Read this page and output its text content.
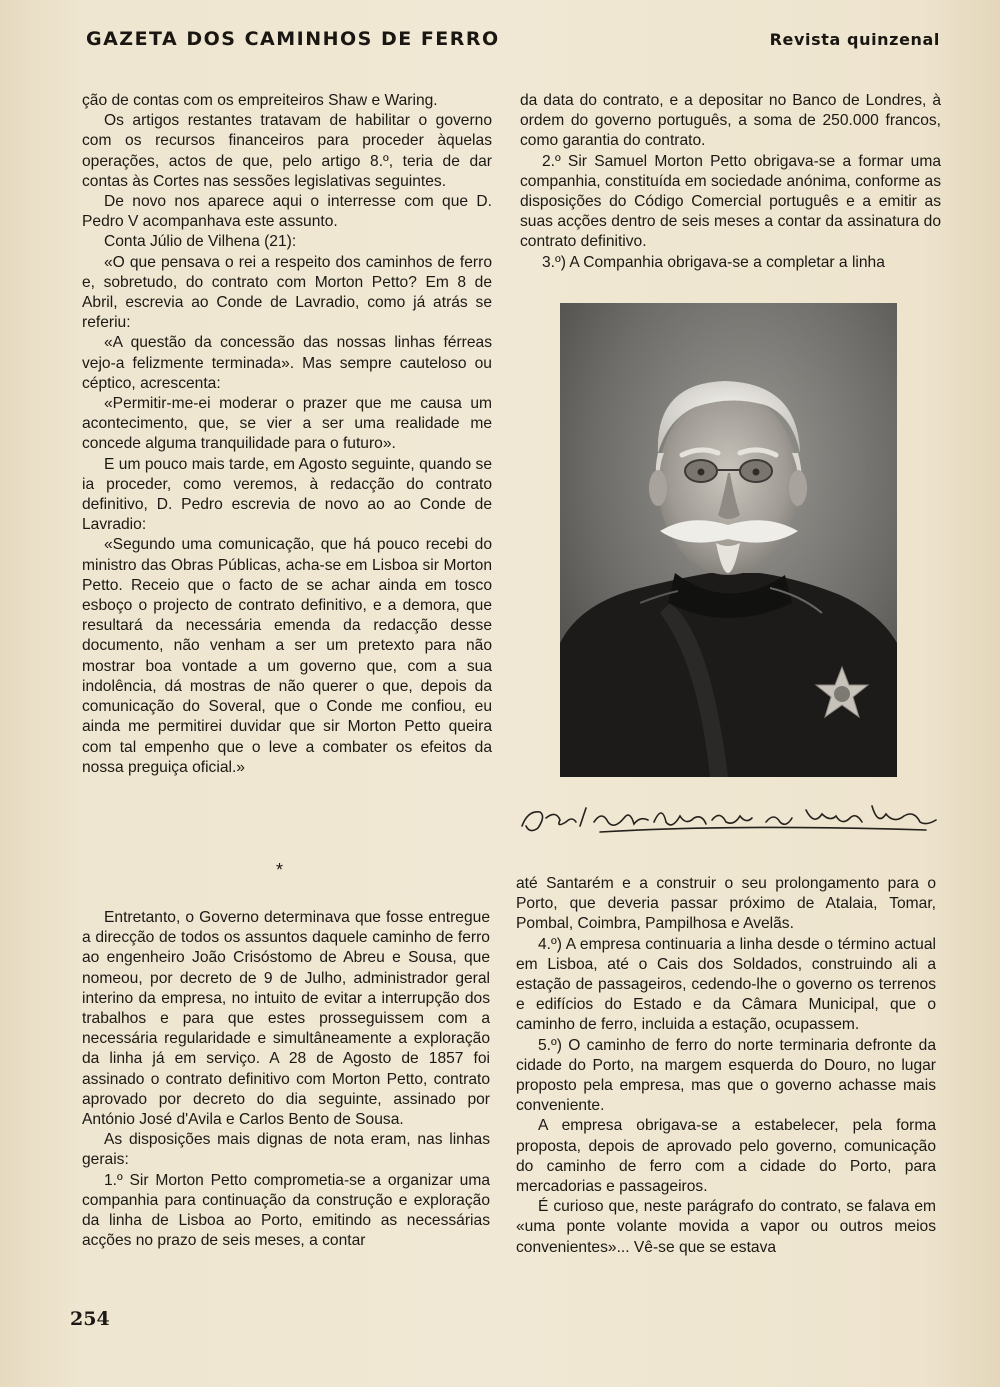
GAZETA DOS CAMINHOS DE FERRO	Revista quinzenal

ção de contas com os empreiteiros Shaw e Waring.

Os artigos restantes tratavam de habilitar o governo com os recursos financeiros para proceder àquelas operações, actos de que, pelo artigo 8.º, teria de dar contas às Cortes nas sessões legislativas seguintes.

De novo nos aparece aqui o interresse com que D. Pedro V acompanhava este assunto.

Conta Júlio de Vilhena (21):

«O que pensava o rei a respeito dos caminhos de ferro e, sobretudo, do contrato com Morton Petto? Em 8 de Abril, escrevia ao Conde de Lavradio, como já atrás se referiu:

«A questão da concessão das nossas linhas férreas vejo-a felizmente terminada». Mas sempre cauteloso ou céptico, acrescenta:

«Permitir-me-ei moderar o prazer que me causa um acontecimento, que, se vier a ser uma realidade me concede alguma tranquilidade para o futuro».

E um pouco mais tarde, em Agosto seguinte, quando se ia proceder, como veremos, à redacção do contrato definitivo, D. Pedro escrevia de novo ao ao Conde de Lavradio:

«Segundo uma comunicação, que há pouco recebi do ministro das Obras Públicas, acha-se em Lisboa sir Morton Petto. Receio que o facto de se achar ainda em tosco esboço o projecto de contrato definitivo, e a demora, que resultará da necessária emenda da redacção desse documento, não venham a ser um pretexto para não mostrar boa vontade a um governo que, com a sua indolência, dá mostras de não querer o que, depois da comunicação do Soveral, que o Conde me confiou, eu ainda me permitirei duvidar que sir Morton Petto queira com tal empenho que o leve a combater os efeitos da nossa preguiça oficial.»

*

Entretanto, o Governo determinava que fosse entregue a direcção de todos os assuntos daquele caminho de ferro ao engenheiro João Crisóstomo de Abreu e Sousa, que nomeou, por decreto de 9 de Julho, administrador geral interino da empresa, no intuito de evitar a interrupção dos trabalhos e para que estes prosseguissem com a necessária regularidade e simultâneamente a exploração da linha já em serviço. A 28 de Agosto de 1857 foi assinado o contrato definitivo com Morton Petto, contrato aprovado por decreto do dia seguinte, assinado por António José d'Avila e Carlos Bento de Sousa.

As disposições mais dignas de nota eram, nas linhas gerais:

1.º Sir Morton Petto comprometia-se a organizar uma companhia para continuação da construção e exploração da linha de Lisboa ao Porto, emitindo as necessárias acções no prazo de seis meses, a contar

da data do contrato, e a depositar no Banco de Londres, à ordem do governo português, a soma de 250.000 francos, como garantia do contrato.

2.º Sir Samuel Morton Petto obrigava-se a formar uma companhia, constituída em sociedade anónima, conforme as disposições do Código Comercial português e a emitir as suas acções dentro de seis meses a contar da assinatura do contrato definitivo.

3.º) A Companhia obrigava-se a completar a linha

até Santarém e a construir o seu prolongamento para o Porto, que deveria passar próximo de Atalaia, Tomar, Pombal, Coimbra, Pampilhosa e Avelãs.

4.º) A empresa continuaria a linha desde o término actual em Lisboa, até o Cais dos Soldados, construindo ali a estação de passageiros, cedendo-lhe o governo os terrenos e edifícios do Estado e da Câmara Municipal, que o caminho de ferro, incluida a estação, ocupassem.

5.º) O caminho de ferro do norte terminaria defronte da cidade do Porto, na margem esquerda do Douro, no lugar proposto pela empresa, mas que o governo achasse mais conveniente.

A empresa obrigava-se a estabelecer, pela forma proposta, depois de aprovado pelo governo, comunicação do caminho de ferro com a cidade do Porto, para mercadorias e passageiros.

É curioso que, neste parágrafo do contrato, se falava em «uma ponte volante movida a vapor ou outros meios convenientes»... Vê-se que se estava

254
